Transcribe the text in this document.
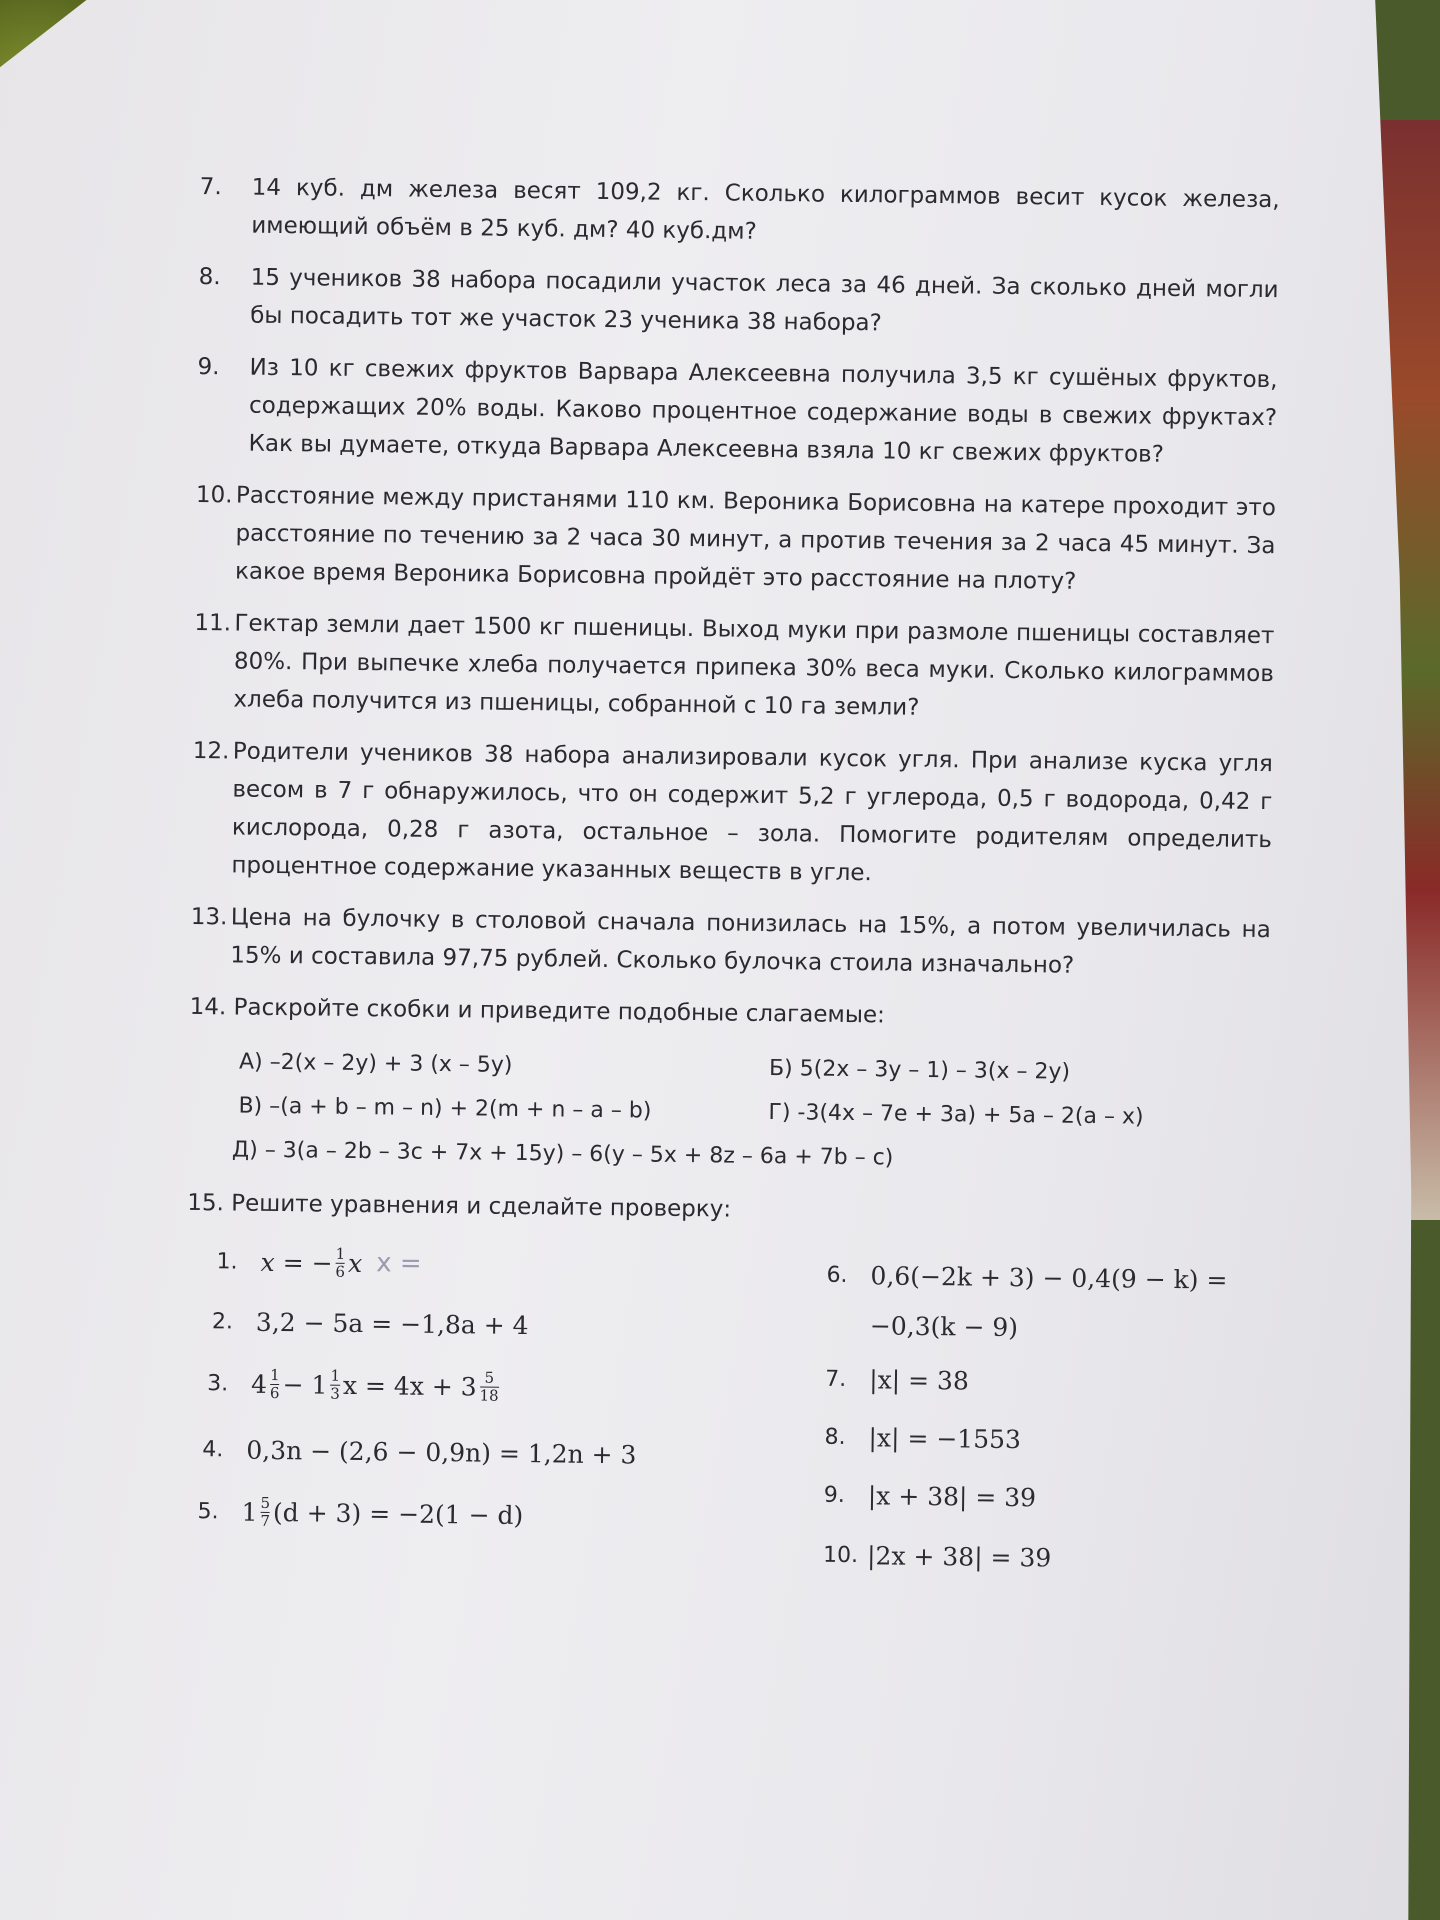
7.	14 куб. дм железа весят 109,2 кг. Сколько килограммов весит кусок железа, имеющий объём в 25 куб. дм? 40 куб.дм?
8.	15 учеников 38 набора посадили участок леса за 46 дней. За сколько дней могли бы посадить тот же участок 23 ученика 38 набора?
9.	Из 10 кг свежих фруктов Варвара Алексеевна получила 3,5 кг сушёных фруктов, содержащих 20% воды. Каково процентное содержание воды в свежих фруктах? Как вы думаете, откуда Варвара Алексеевна взяла 10 кг свежих фруктов?
10. Расстояние между пристанями 110 км. Вероника Борисовна на катере проходит это расстояние по течению за 2 часа 30 минут, а против течения за 2 часа 45 минут. За какое время Вероника Борисовна пройдёт это расстояние на плоту?
11. Гектар земли дает 1500 кг пшеницы. Выход муки при размоле пшеницы составляет 80%. При выпечке хлеба получается припека 30% веса муки. Сколько килограммов хлеба получится из пшеницы, собранной с 10 га земли?
12. Родители учеников 38 набора анализировали кусок угля. При анализе куска угля весом в 7 г обнаружилось, что он содержит 5,2 г углерода, 0,5 г водорода, 0,42 г кислорода, 0,28 г азота, остальное – зола. Помогите родителям определить процентное содержание указанных веществ в угле.
13. Цена на булочку в столовой сначала понизилась на 15%, а потом увеличилась на 15% и составила 97,75 рублей. Сколько булочка стоила изначально?
14. Раскройте скобки и приведите подобные слагаемые:
А) –2(x – 2y) + 3 (x – 5y)	Б) 5(2x – 3y – 1) – 3(x – 2y)
В) –(a + b – m – n) + 2(m + n – a – b)	Г) -3(4x – 7e + 3a) + 5a – 2(a – x)
Д) – 3(a – 2b – 3c + 7x + 15y) – 6(y – 5x + 8z – 6a + 7b – c)
15. Решите уравнения и сделайте проверку:
1. x = − $\frac{1}{6}$ x x =
2. 3,2 − 5a = −1,8a + 4
3. $4 \frac{1}{6} - 1 \frac{1}{3}$ $x = 4x + 3 \frac{5}{18}$
4. 0,3n − (2,6 − 0,9n) = 1,2n + 3
5. $1 \frac{5}{7} (d + 3) = -2(1 - d)$
6. 0,6(−2k + 3) − 0,4(9 − k) =
−0,3(k − 9)
7. |x| = 38
8. |x| = −1553
9. |x + 38| = 39
10. |2x + 38| = 39
